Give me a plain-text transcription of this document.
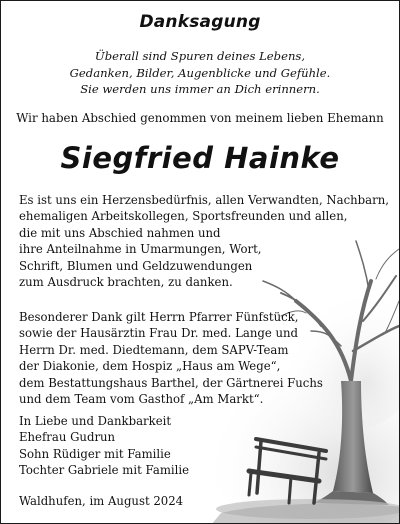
Danksagung
Überall sind Spuren deines Lebens,
Gedanken, Bilder, Augenblicke und Gefühle.
Sie werden uns immer an Dich erinnern.
Wir haben Abschied genommen von meinem lieben Ehemann
Siegfried Hainke
Es ist uns ein Herzensbedürfnis, allen Verwandten, Nachbarn,
ehemaligen Arbeitskollegen, Sportsfreunden und allen,
die mit uns Abschied nahmen und
ihre Anteilnahme in Umarmungen, Wort,
Schrift, Blumen und Geldzuwendungen
zum Ausdruck brachten, zu danken.
Besonderer Dank gilt Herrn Pfarrer Fünfstück,
sowie der Hausärztin Frau Dr. med. Lange und
Herrn Dr. med. Diedtemann, dem SAPV-Team
der Diakonie, dem Hospiz „Haus am Wege“,
dem Bestattungshaus Barthel, der Gärtnerei Fuchs
und dem Team vom Gasthof „Am Markt“.
In Liebe und Dankbarkeit
Ehefrau Gudrun
Sohn Rüdiger mit Familie
Tochter Gabriele mit Familie
Waldhufen, im August 2024
